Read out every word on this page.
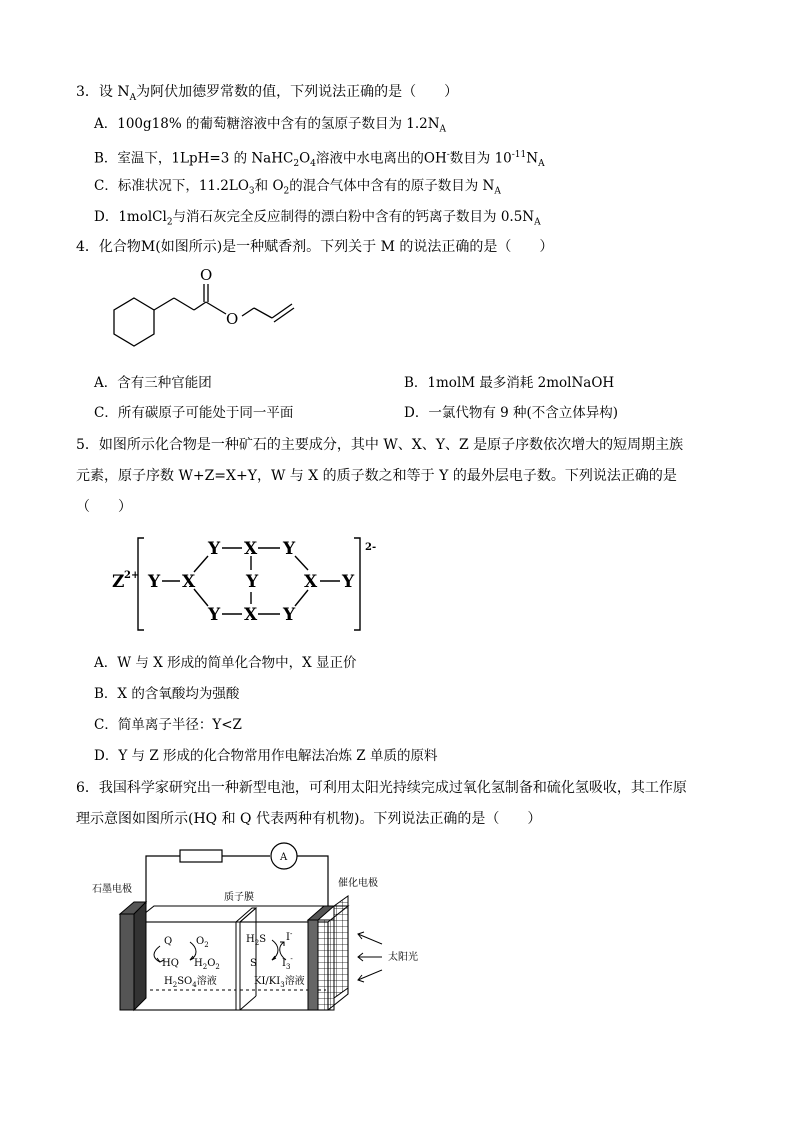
3．设 $N_A$为阿伏加德罗常数的值，下列说法正确的是（　　）
A．100g18% 的葡萄糖溶液中含有的氢原子数目为 $1.2N_A$
B．室温下，1LpH=3 的 $NaHC_2O_4$溶液中水电离出的OH-数目为 $10^{-11}N_A$
C．标准状况下，$11.2LO_3$和 $O_2$的混合气体中含有的原子数目为 $N_A$
D．1molCl$_2$与消石灰完全反应制得的漂白粉中含有的钙离子数目为 $0.5N_A$
4．化合物M(如图所示)是一种赋香剂。下列关于 M 的说法正确的是（　　）
O
O
A．含有三种官能团	B．1molM 最多消耗 2molNaOH
C．所有碳原子可能处于同一平面	D．一氯代物有 9 种(不含立体异构)
5．如图所示化合物是一种矿石的主要成分，其中 W、X、Y、Z 是原子序数依次增大的短周期主族
元素，原子序数 W+Z=X+Y，W 与 X 的质子数之和等于 Y 的最外层电子数。下列说法正确的是
（　　）
Z 2+
2-
Y X
Y X Y
Y	X Y
Y X Y
A．W 与 X 形成的简单化合物中，X 显正价
B．X 的含氧酸均为强酸
C．简单离子半径：Y<Z
D．Y 与 Z 形成的化合物常用作电解法冶炼 Z 单质的原料
6．我国科学家研究出一种新型电池，可利用太阳光持续完成过氧化氢制备和硫化氢吸收，其工作原
理示意图如图所示(HQ 和 Q 代表两种有机物)。下列说法正确的是（　　）
A
石墨电极
质子膜
催化电极
太阳光
Q
HQ
$O_2$
$H_2O_2$
$H_2SO_4$溶液
$H_2S$
S
I-
$I_3^-$
$KI/KI_3$溶液
